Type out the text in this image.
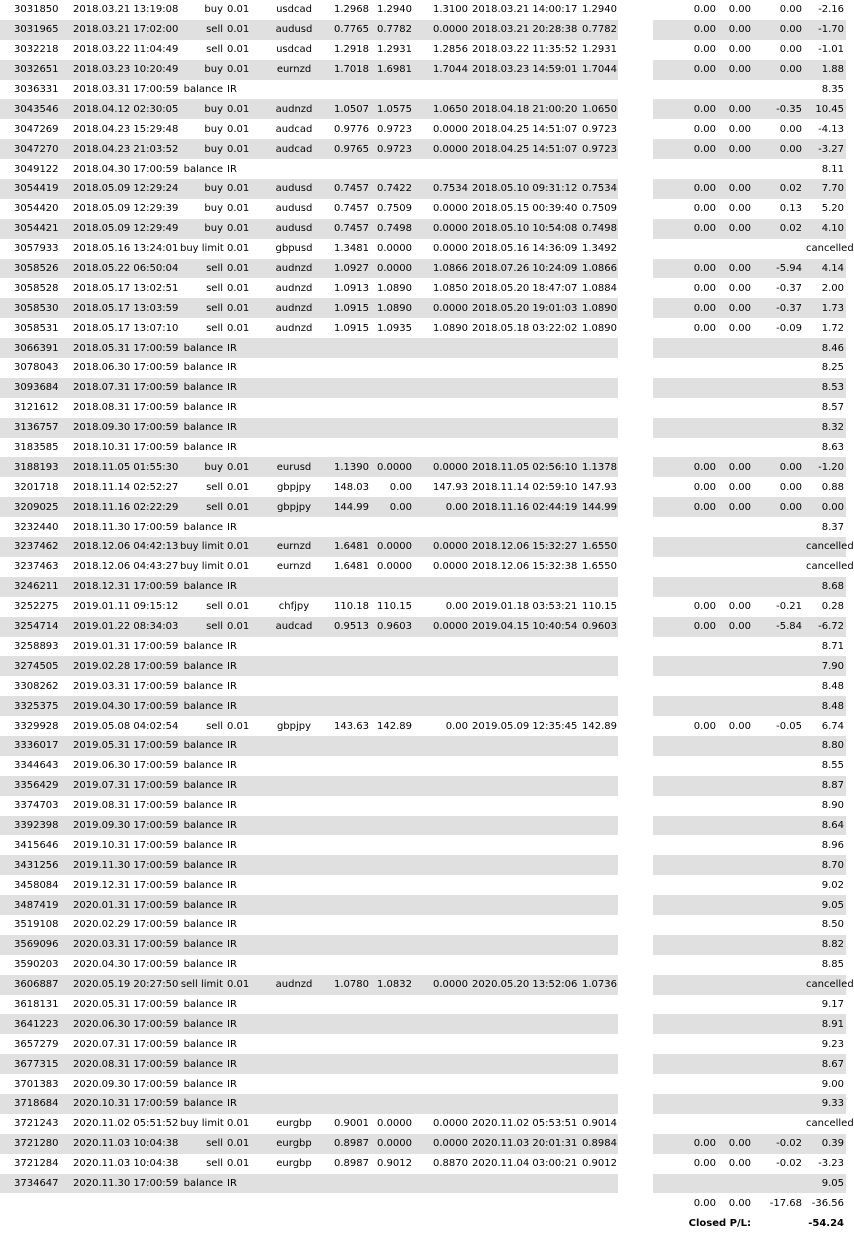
3031850	2018.03.21 13:19:08	buy	0.01	usdcad	1.2968	1.2940	1.3100	2018.03.21 14:00:17	1.2940		0.00	0.00	0.00	-2.16
3031965	2018.03.21 17:02:00	sell	0.01	audusd	0.7765	0.7782	0.0000	2018.03.21 20:28:38	0.7782		0.00	0.00	0.00	-1.70
3032218	2018.03.22 11:04:49	sell	0.01	usdcad	1.2918	1.2931	1.2856	2018.03.22 11:35:52	1.2931		0.00	0.00	0.00	-1.01
3032651	2018.03.23 10:20:49	buy	0.01	eurnzd	1.7018	1.6981	1.7044	2018.03.23 14:59:01	1.7044		0.00	0.00	0.00	1.88
3036331	2018.03.31 17:00:59	balance	IR											8.35
3043546	2018.04.12 02:30:05	buy	0.01	audnzd	1.0507	1.0575	1.0650	2018.04.18 21:00:20	1.0650		0.00	0.00	-0.35	10.45
3047269	2018.04.23 15:29:48	buy	0.01	audcad	0.9776	0.9723	0.0000	2018.04.25 14:51:07	0.9723		0.00	0.00	0.00	-4.13
3047270	2018.04.23 21:03:52	buy	0.01	audcad	0.9765	0.9723	0.0000	2018.04.25 14:51:07	0.9723		0.00	0.00	0.00	-3.27
3049122	2018.04.30 17:00:59	balance	IR											8.11
3054419	2018.05.09 12:29:24	buy	0.01	audusd	0.7457	0.7422	0.7534	2018.05.10 09:31:12	0.7534		0.00	0.00	0.02	7.70
3054420	2018.05.09 12:29:39	buy	0.01	audusd	0.7457	0.7509	0.0000	2018.05.15 00:39:40	0.7509		0.00	0.00	0.13	5.20
3054421	2018.05.09 12:29:49	buy	0.01	audusd	0.7457	0.7498	0.0000	2018.05.10 10:54:08	0.7498		0.00	0.00	0.02	4.10
3057933	2018.05.16 13:24:01	buy limit	0.01	gbpusd	1.3481	0.0000	0.0000	2018.05.16 14:36:09	1.3492					cancelled
3058526	2018.05.22 06:50:04	sell	0.01	audnzd	1.0927	0.0000	1.0866	2018.07.26 10:24:09	1.0866		0.00	0.00	-5.94	4.14
3058528	2018.05.17 13:02:51	sell	0.01	audnzd	1.0913	1.0890	1.0850	2018.05.20 18:47:07	1.0884		0.00	0.00	-0.37	2.00
3058530	2018.05.17 13:03:59	sell	0.01	audnzd	1.0915	1.0890	0.0000	2018.05.20 19:01:03	1.0890		0.00	0.00	-0.37	1.73
3058531	2018.05.17 13:07:10	sell	0.01	audnzd	1.0915	1.0935	1.0890	2018.05.18 03:22:02	1.0890		0.00	0.00	-0.09	1.72
3066391	2018.05.31 17:00:59	balance	IR											8.46
3078043	2018.06.30 17:00:59	balance	IR											8.25
3093684	2018.07.31 17:00:59	balance	IR											8.53
3121612	2018.08.31 17:00:59	balance	IR											8.57
3136757	2018.09.30 17:00:59	balance	IR											8.32
3183585	2018.10.31 17:00:59	balance	IR											8.63
3188193	2018.11.05 01:55:30	buy	0.01	eurusd	1.1390	0.0000	0.0000	2018.11.05 02:56:10	1.1378		0.00	0.00	0.00	-1.20
3201718	2018.11.14 02:52:27	sell	0.01	gbpjpy	148.03	0.00	147.93	2018.11.14 02:59:10	147.93		0.00	0.00	0.00	0.88
3209025	2018.11.16 02:22:29	sell	0.01	gbpjpy	144.99	0.00	0.00	2018.11.16 02:44:19	144.99		0.00	0.00	0.00	0.00
3232440	2018.11.30 17:00:59	balance	IR											8.37
3237462	2018.12.06 04:42:13	buy limit	0.01	eurnzd	1.6481	0.0000	0.0000	2018.12.06 15:32:27	1.6550					cancelled
3237463	2018.12.06 04:43:27	buy limit	0.01	eurnzd	1.6481	0.0000	0.0000	2018.12.06 15:32:38	1.6550					cancelled
3246211	2018.12.31 17:00:59	balance	IR											8.68
3252275	2019.01.11 09:15:12	sell	0.01	chfjpy	110.18	110.15	0.00	2019.01.18 03:53:21	110.15		0.00	0.00	-0.21	0.28
3254714	2019.01.22 08:34:03	sell	0.01	audcad	0.9513	0.9603	0.0000	2019.04.15 10:40:54	0.9603		0.00	0.00	-5.84	-6.72
3258893	2019.01.31 17:00:59	balance	IR											8.71
3274505	2019.02.28 17:00:59	balance	IR											7.90
3308262	2019.03.31 17:00:59	balance	IR											8.48
3325375	2019.04.30 17:00:59	balance	IR											8.48
3329928	2019.05.08 04:02:54	sell	0.01	gbpjpy	143.63	142.89	0.00	2019.05.09 12:35:45	142.89		0.00	0.00	-0.05	6.74
3336017	2019.05.31 17:00:59	balance	IR											8.80
3344643	2019.06.30 17:00:59	balance	IR											8.55
3356429	2019.07.31 17:00:59	balance	IR											8.87
3374703	2019.08.31 17:00:59	balance	IR											8.90
3392398	2019.09.30 17:00:59	balance	IR											8.64
3415646	2019.10.31 17:00:59	balance	IR											8.96
3431256	2019.11.30 17:00:59	balance	IR											8.70
3458084	2019.12.31 17:00:59	balance	IR											9.02
3487419	2020.01.31 17:00:59	balance	IR											9.05
3519108	2020.02.29 17:00:59	balance	IR											8.50
3569096	2020.03.31 17:00:59	balance	IR											8.82
3590203	2020.04.30 17:00:59	balance	IR											8.85
3606887	2020.05.19 20:27:50	sell limit	0.01	audnzd	1.0780	1.0832	0.0000	2020.05.20 13:52:06	1.0736					cancelled
3618131	2020.05.31 17:00:59	balance	IR											9.17
3641223	2020.06.30 17:00:59	balance	IR											8.91
3657279	2020.07.31 17:00:59	balance	IR											9.23
3677315	2020.08.31 17:00:59	balance	IR											8.67
3701383	2020.09.30 17:00:59	balance	IR											9.00
3718684	2020.10.31 17:00:59	balance	IR											9.33
3721243	2020.11.02 05:51:52	buy limit	0.01	eurgbp	0.9001	0.0000	0.0000	2020.11.02 05:53:51	0.9014					cancelled
3721280	2020.11.03 10:04:38	sell	0.01	eurgbp	0.8987	0.0000	0.0000	2020.11.03 20:01:31	0.8984		0.00	0.00	-0.02	0.39
3721284	2020.11.03 10:04:38	sell	0.01	eurgbp	0.8987	0.9012	0.8870	2020.11.04 03:00:21	0.9012		0.00	0.00	-0.02	-3.23
3734647	2020.11.30 17:00:59	balance	IR											9.05
											0.00	0.00	-17.68	-36.56
										Closed P/L:				-54.24
